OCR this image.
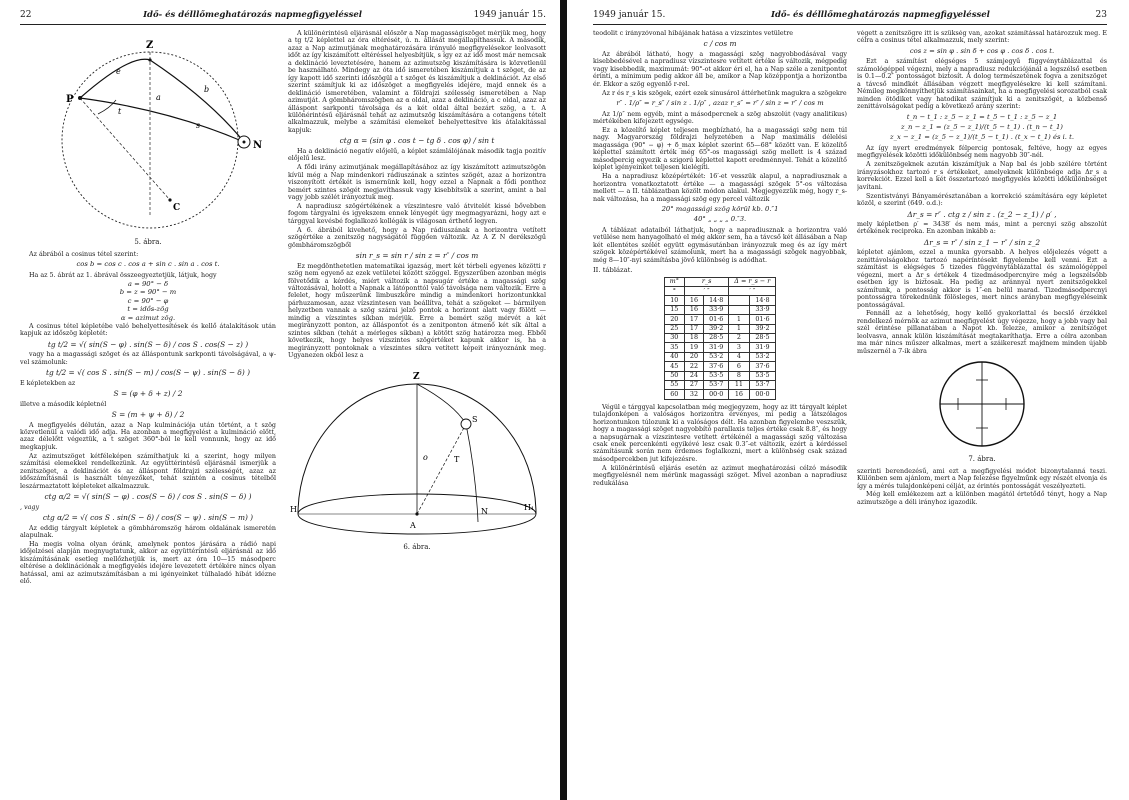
22	Idő- és délllőmeghatározás napmegfigyeléssel	1949 január 15.
Z
P
N
C
t
e
a
b
s
5. ábra.

Az ábrából a cosinus tétel szerint:

cos b = cos c . cos a + sin c . sin a . cos t.

Ha az 5. ábrát az 1. ábrával összeegyeztetjük, látjuk, hogy

a = 90° − δ
b = z = 90° − m
c = 90° − φ
t = idős-zög
α = azimut zög.

A cosinus tétel képletébe való behelyettesítések és kellő átalakítások után kapjuk az időszög képletét:

tg t/2 = √( sin(S − φ) . sin(S − δ) / cos S . cos(S − z) )

vagy ha a magassági szöget és az álláspontunk sarkponti távolságával, a ψ-vel számolunk:

tg t/2 = √( cos S . sin(S − m) / cos(S − ψ) . sin(S − δ) )

E képletekben az

S = (φ + δ + z) / 2

illetve a második képletnél

S = (m + ψ + δ) / 2

A megfigyelés délután, azaz a Nap kulminációja után történt, a t szög közvetlenül a valódi idő adja. Ha azonban a megfigyelést a kulmináció előtt, azaz délelőtt végeztük, a t szöget 360°-ból le kell vonnunk, hogy az idő megkapjuk.

Az azimutszöget kétféleképen számíthatjuk ki a szerint, hogy milyen számítási elemekkel rendelkezünk. Az együttérintésű eljárásnál ismerjük a zenitszöget, a deklinációt és az álláspont földrajzi szélességét, azaz az időszámításnál is használt tényezőket, tehát szintén a cosinus tételből leszármaztatott képleteket alkalmazzuk.

ctg α/2 = √( sin(S − φ) . cos(S − δ) / cos S . sin(S − δ) )
, vagy
ctg α/2 = √( cos S . sin(S − δ) / cos(S − ψ) . sin(S − m) )

Az eddig tárgyalt képletek a gömbháromszög három oldalának ismeretén alapulnak.

Ha megis volna olyan óránk, amelynek pontos járására a rádió napi időjelzései alapján megnyugtatunk, akkor az együttérintésű eljárásnál az idő kiszámításának esetleg mellőzhetjük is, mert az óra 10—15 másodperc eltérése a deklinációnak a megfigyelés idejére levezetett értékére nincs olyan hatással, ami az azimutszámításban a mi igényeinket túlhaladó hibát idézne elő.

A különérintésű eljárásnál először a Nap magasságiszöget mérjük meg, hogy a tg t/2 képlettel az óra eltérését, ú. n. állását megállapíthassuk. A második, azaz a Nap azimutjának meghatározására irányuló megfigyelésekor leolvasott időt az így kiszámított eltéréssel helyesbítjük, s így ez az idő most már nemcsak a deklináció leveztetésére, hanem az azimutszög kiszámítására is közvetlenül be használható. Mindegy az óta idő ismeretében kiszámítjuk a t szöget, de az így kapott idő szerinti időszögül a t szöget és kiszámítjuk a deklinációt. Az első szerint számítjuk ki az időszöget a megfigyelés idejére, majd ennek és a deklináció ismeretében, valamint a földrajzi szélesség ismeretében a Nap azimutját. A gömbháromszögben az α oldal, azaz a deklináció, a c oldal, azaz az álláspont sarkponti távolsága és a két oldal által bezárt szög, a t. A különérintésű eljárásnál tehát az azimutszög kiszámítására a cotangens tételt alkalmazzuk, melybe a számítási elemeket behelyettesítve kis átalakítással kapjuk:

ctg α = (sin φ . cos t − tg δ . cos φ) / sin t

Ha a deklináció negatív előjelű, a képlet számlálójának második tagja pozitív előjelű lesz.

A fődi irány azimutjának megállapításához az így kiszámított azimutszögön kívül még a Nap mindenkori rádiuszának a szintes szögét, azaz a horizontra viszonyított értékét is ismernünk kell, hogy ezzel a Napnak a fődi ponthoz bemért szintes szögét megjavíthassuk vagy kisebbítsük a szerint, amint a bal vagy jobb szélét irányoztuk meg.

A napradiusz szögértékének a vízszintesre való átvitelét kissé bővebben fogom tárgyalni és igyekszem ennek lényegét úgy megmagyarázni, hogy azt e tárggyal kevésbé foglalkozó kollégák is világosan érthető legyen.

A 6. ábrából kivehető, hogy a Nap rádiuszának a horizontra vetített szögértéke a zenitszög nagyságától függően változik. Az A Z N derékszögű gömbháromszögből

sin r_s = sin r / sin z = r″ / cos m

Ez megdönthetetlen matematikai igazság, mert két térbeli egyenes közötti r szög nem egyenő az ezek vetületei között szöggel. Egyszerűben azonban mégis fölvetődik a kérdés, miért változik a napsugár értéke a magassági szög változásával, holott a Napnak a látóponttól való távolsága nem változik. Erre a felelet, hogy műszerünk limbuszköre mindig a mindenkori horizontunkkal párhuzamosan, azaz vízszintesen van beállítva, tehát a szögeket — bármilyen helyzetben vannak a szög szárai jelző pontok a horizont alatt vagy fölött — mindig a vízszintes síkban mérjük. Erre a bemért szög mérvét a két megirányzott ponton, az álláspontot és a zenitponton átmenő két sík által a szintes síkban (tehát a mérleges síkban) a kötött szög határozza meg. Ebből következik, hogy helyes vízszintes szögértéket kapunk akkor is, ha a megirányzott pontoknak a vízszintes síkra vetített képeit irányoznánk meg. Ugyanezen okból lesz a

Z
S
o	T
N
H	H₁
A
6. ábra.
1949 január 15.	Idő- és délllőmeghatározás napmegfigyeléssel	23

teodolit c irányzóvonal hibájának hatása a vízszintes vetületre

c / cos m

Az ábrából látható, hogy a magassági szög nagyobbodásával vagy kisebbedésével a napradiusz vízszintesre vetített értéke is változik, mégpedig vagy kisebbedik, maximumát: 90°-ot akkor éri el, ha a Nap széle a zenitpontot érinti, a minimum pedig akkor áll be, amikor a Nap középpontja a horizontba ér. Ekkor a szög egyenlő r-rel.

Az r és r_s kis szögek, ezért ezek sinusárol áttérhetünk magukra a szögekre

r″ . 1/ρ″ = r_s″ / sin z . 1/ρ″ , azaz r_s″ = r″ / sin z = r″ / cos m

Az 1/ρ″ nem egyéb, mint a másodpercnek a szög abszolút (vagy analitikus) mértékében kifejezett egysége.

Ez a közelítő képlet teljesen megbízható, ha a magassági szög nem túl nagy. Magyarország földrajzi helyzetében a Nap maximális délelési magassága (90° − φ) + δ_max képlet szerint 65—68° között van. E közelítő képlettel számított érték még 65°-os magassági szög mellett is 4 század másodpercig egyezik a szigorú képlettel kapott eredménnyel. Tehát a közelítő képlet igényeinket teljesen kielégíti.

Ha a napradiusz középértékét: 16′-et vesszük alapul, a napradiusznak a horizontra vonatkoztatott értéke — a magassági szögek 5°-os változása mellett — a II. táblázatban közölt módon alakul. Megjegyezzük még, hogy r_s-nak változása, ha a magassági szög egy percel változik

20° magassági szög körül kb. 0.″1
40° „ „ „ „ 0.″3.

A táblázat adataiból láthatjuk, hogy a napradiusznak a horizontra való vetülése nem hanyagolható el még akkor sem, ha a távcső két állásában a Nap két ellentétes szélét együtt egymásutánban irányozzuk meg és az így mért szögek középértékével számolunk, mert ha a magassági szögek nagyobbak, még 8—10″-nyi számításba jövő különbség is adódhat.

II. táblázat.
m°	r_s		Δ = r_s − r	
°	′ ″		′ ″	
10	16	14·8		14·8
15	16	33·9		33·9
20	17	01·6	1	01·6
25	17	39·2	1	39·2
30	18	28·5	2	28·5
35	19	31·9	3	31·9
40	20	53·2	4	53·2
45	22	37·6	6	37·6
50	24	53·5	8	53·5
55	27	53·7	11	53·7
60	32	00·0	16	00·0

Végül e tárggyal kapcsolatban még megjegyzem, hogy az itt tárgyalt képlet tulajdonképen a valóságos horizontra érvényes, mi pedig a látszólagos horizontunkon túlozunk ki a valóságos délt. Ha azonban figyelembe veszszük, hogy a magassági szöget nagyobbító parallaxis teljes értéke csak 8.8″, és hogy a napsugárnak a vízszintesre vetített értékénél a magassági szög változása csak enek percenkénti egyikévé lesz csak 0.3″-et változik, ezért a kérdéssel számításunk során nem érdemes foglalkozni, mert a különbség csak század másodpercekben jut kifejezésre.

A különérintésű eljárás esetén az azimut meghatározási célzó második megfigyelésnél nem mérünk magassági szöget. Mivel azonban a napradiusz redukálása

végett a zenitszögre itt is szükség van, azokat számítással határozzuk meg. E célra a cosinus tétel alkalmazzuk, mely szerint:

cos z = sin φ . sin δ + cos φ . cos δ . cos t.

Ezt a számítást elégséges 5 számjegyű függvénytáblázattal és számológéppel végezni, mely a napradiusz redukciójánál a legszélső esetben is 0.1—0.2″ pontosságot biztosít. A dolog természetének fogva a zenitszöget a távcső mindkét állásában végzett megfigyelésekre ki kell számítani. Némileg megkönnyíthetjük számításainkat, ha a megfigyelési sorozatból csak minden ötödiket vagy hatodikat számítjuk ki a zenitszögét, a közbenső zenittávolságokat pedig a következő arány szerint:

t_n − t_1 : z_5 − z_1 = t_5 − t_1 : z_5 − z_1
z_n − z_1 = (z_5 − z_1)/(t_5 − t_1) . (t_n − t_1)
z_x − z_1 = (z_5 − z_1)/(t_5 − t_1) . (t_x − t_1) és i. t.

Az így nyert eredmények félpercig pontosak, feltéve, hogy az egyes megfigyelések közötti időkülönbség nem nagyobb 30″-nél.

A zenitszögeknek azután kiszámítjuk a Nap bal és jobb szélére történt irányzásokhoz tartozó r_s értékeket, amelyeknek különbsége adja Δr_s a korrekciót. Ezzel kell a két összetartozó megfigyelés közötti időkülönbséget javítani.

Szentistványi Bányamérésztanában a korrekció számítására egy képletet közöl, e szerint (649. o.d.):

Δr_s = r″ . ctg z / sin z . (z_2 − z_1) / ρ′ ,

mely képletben ρ′ = 3438′ és nem más, mint a percnyi szög abszolút értékének reciproka. En azonban inkább a:

Δr_s = r″ / sin z_1 − r″ / sin z_2

képletet ajánlom, ezzel a munka gyorsabb. A helyes előjelezés végett a zenittávolságokhoz tartozó napéríntésekt figyelembe kell venni. Ezt a számítást is elégséges 5 tizedes függvénytáblázattal és számológéppel végezni, mert a Δr_s értékek 4 tizedmásodpercnyire még a legszélsőbb esetben így is biztosak. Ha pedig az aránnyal nyert zenitszögekkel számítunk, a pontosság akkor is 1″-en belül marad. Tizedmásodpercnyi pontosságra törekednünk fölösleges, mert nincs arányban megfigyeléseink pontosságával.

Fennáll az a lehetőség, hogy kellő gyakorlattal és becslő érzékkel rendelkező mérnök az azimut megfigyelést úgy végezze, hogy a jobb vagy bal szél érintése pillanatában a Napot kb. felezze, amikor a zenitszöget leolvasva, annak külön kiszámítását megtakaríthatja. Erre a célra azonban ma már nincs műszer alkalmas, mert a száikereszt majdnem minden újabb műszernél a 7-ik ábra

7. ábra.

szerinti berendezésű, ami ezt a megfigyelési módot bizonytalanná teszi. Különben sem ajánlom, mert a Nap felezése figyelműnk egy részét elvonja és így a mérés tulajdonképeni célját, az érintés pontosságát veszélyezteti.

Még kell emlékezem azt a különben magától értetődő tényt, hogy a Nap azimutszöge a déli irányhoz igazodik.
